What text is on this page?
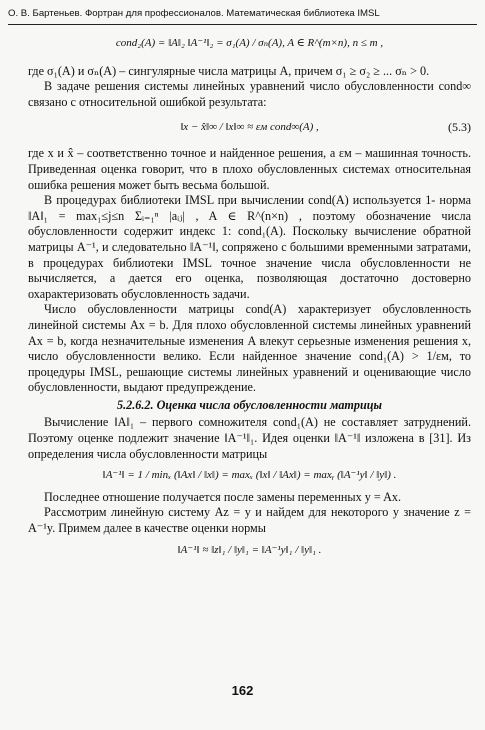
О. В. Бартеньев. Фортран для профессионалов. Математическая библиотека IMSL
cond₂(A) = ‖A‖₂ ‖A⁻¹‖₂ = σ₁(A) / σₙ(A), A ∈ R^(m×n), n ≤ m ,

где σ₁(A) и σₙ(A) – сингулярные числа матрицы A, причем σ₁ ≥ σ₂ ≥ ... σₙ > 0.

В задаче решения системы линейных уравнений число обусловленности cond∞ связано с относительной ошибкой результата:

‖x − x̂‖∞ / ‖x‖∞ ≈ εм cond∞(A) ,	(5.3)

где x и x̂ – соответственно точное и найденное решения, а εм – машинная точность. Приведенная оценка говорит, что в плохо обусловленных системах относительная ошибка решения может быть весьма большой.

В процедурах библиотеки IMSL при вычислении cond(A) используется 1- норма ‖A‖₁ = max₁≤j≤n Σᵢ₌₁ⁿ |aᵢⱼ| , A ∈ R^(n×n) , поэтому обозначение числа обусловленности содержит индекс 1: cond₁(A). Поскольку вычисление обратной матрицы A⁻¹, и следовательно ‖A⁻¹‖, сопряжено с большими временными затратами, в процедурах библиотеки IMSL точное значение числа обусловленности не вычисляется, а дается его оценка, позволяющая достаточно достоверно охарактеризовать обусловленность задачи.

Число обусловленности матрицы cond(A) характеризует обусловленность линейной системы Ax = b. Для плохо обусловленной системы линейных уравнений Ax = b, когда незначительные изменения A влекут серьезные изменения решения x, число обусловленности велико. Если найденное значение cond₁(A) > 1/εм, то процедуры IMSL, решающие системы линейных уравнений и оценивающие число обусловленности, выдают предупреждение.

5.2.6.2. Оценка числа обусловленности матрицы

Вычисление ‖A‖₁ – первого сомножителя cond₁(A) не составляет затруднений. Поэтому оценке подлежит значение ‖A⁻¹‖₁. Идея оценки ‖A⁻¹‖ изложена в [31]. Из определения числа обусловленности матрицы

‖A⁻¹‖ = 1 / minₓ (‖Ax‖ / ‖x‖) = maxₓ (‖x‖ / ‖Ax‖) = maxᵧ (‖A⁻¹y‖ / ‖y‖) .

Последнее отношение получается после замены переменных y = Ax.

Рассмотрим линейную систему Az = y и найдем для некоторого y значение z = A⁻¹y. Примем далее в качестве оценки нормы

‖A⁻¹‖ ≈ ‖z‖₁ / ‖y‖₁ = ‖A⁻¹y‖₁ / ‖y‖₁ .
162
